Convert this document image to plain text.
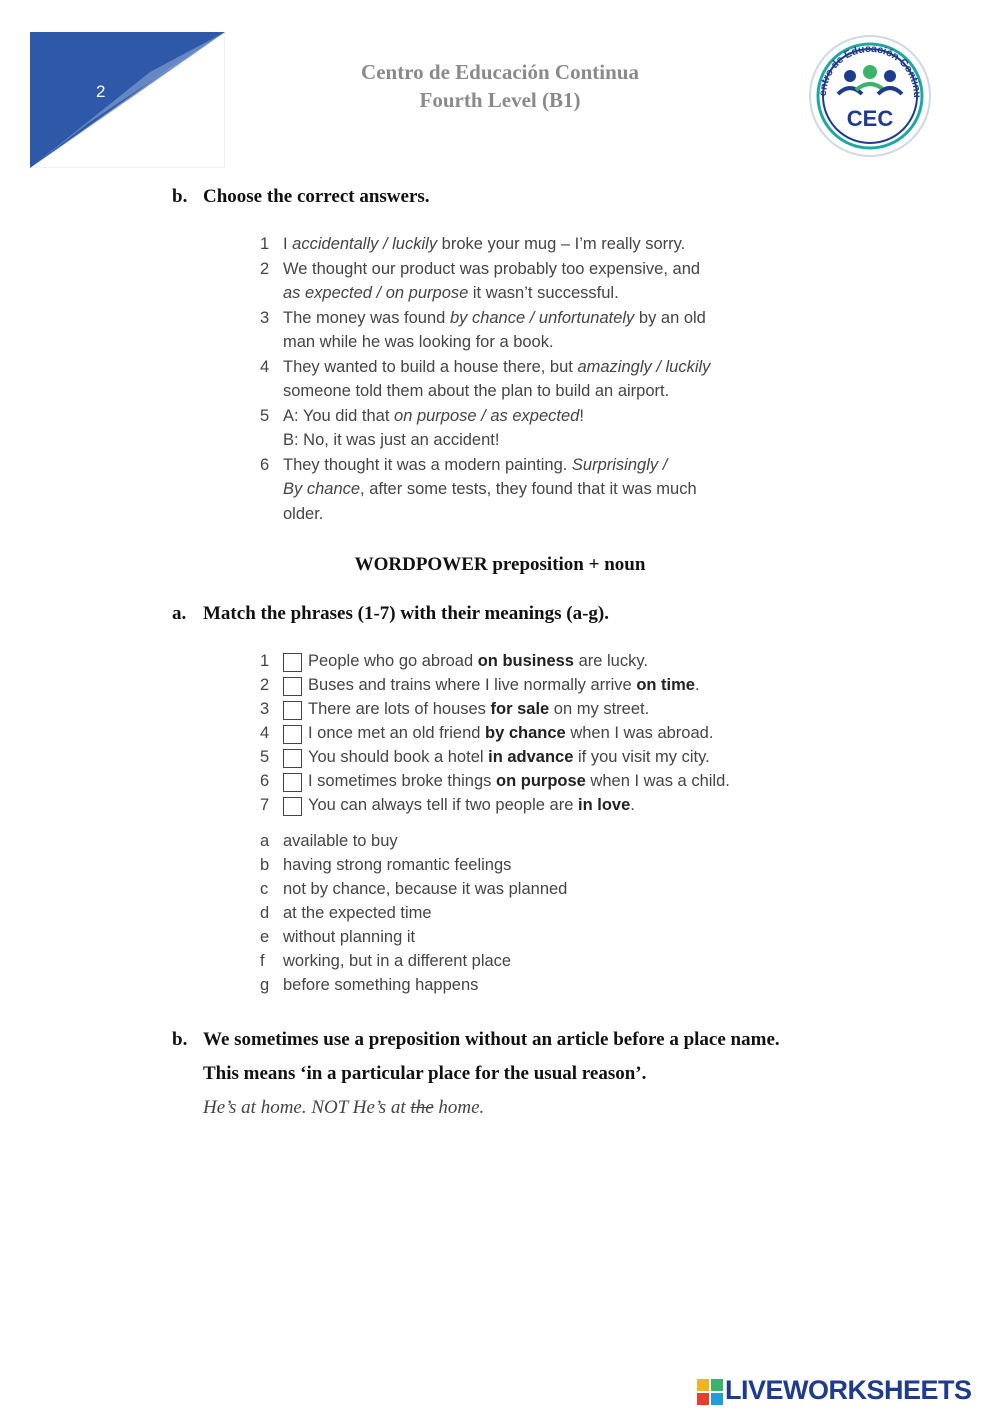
2
Centro de Educación Continua
Fourth Level (B1)	entro de Educación Continu
CEC
b. Choose the correct answers.
1 I accidentally / luckily broke your mug – I’m really sorry.
2 We thought our product was probably too expensive, and
as expected / on purpose it wasn’t successful.
3 The money was found by chance / unfortunately by an old
man while he was looking for a book.
4 They wanted to build a house there, but amazingly / luckily
someone told them about the plan to build an airport.
5 A: You did that on purpose / as expected!
B: No, it was just an accident!
6 They thought it was a modern painting. Surprisingly /
By chance, after some tests, they found that it was much
older.
WORDPOWER preposition + noun
a. Match the phrases (1-7) with their meanings (a-g).
1 People who go abroad on business are lucky.
2 Buses and trains where I live normally arrive on time.
3 There are lots of houses for sale on my street.
4 I once met an old friend by chance when I was abroad.
5 You should book a hotel in advance if you visit my city.
6 I sometimes broke things on purpose when I was a child.
7 You can always tell if two people are in love.
a available to buy
b having strong romantic feelings
c not by chance, because it was planned
d at the expected time
e without planning it
f working, but in a different place
g before something happens
b. We sometimes use a preposition without an article before a place name.
This means ‘in a particular place for the usual reason’.
He’s at home. NOT He’s at the home.
LIVEWORKSHEETS
